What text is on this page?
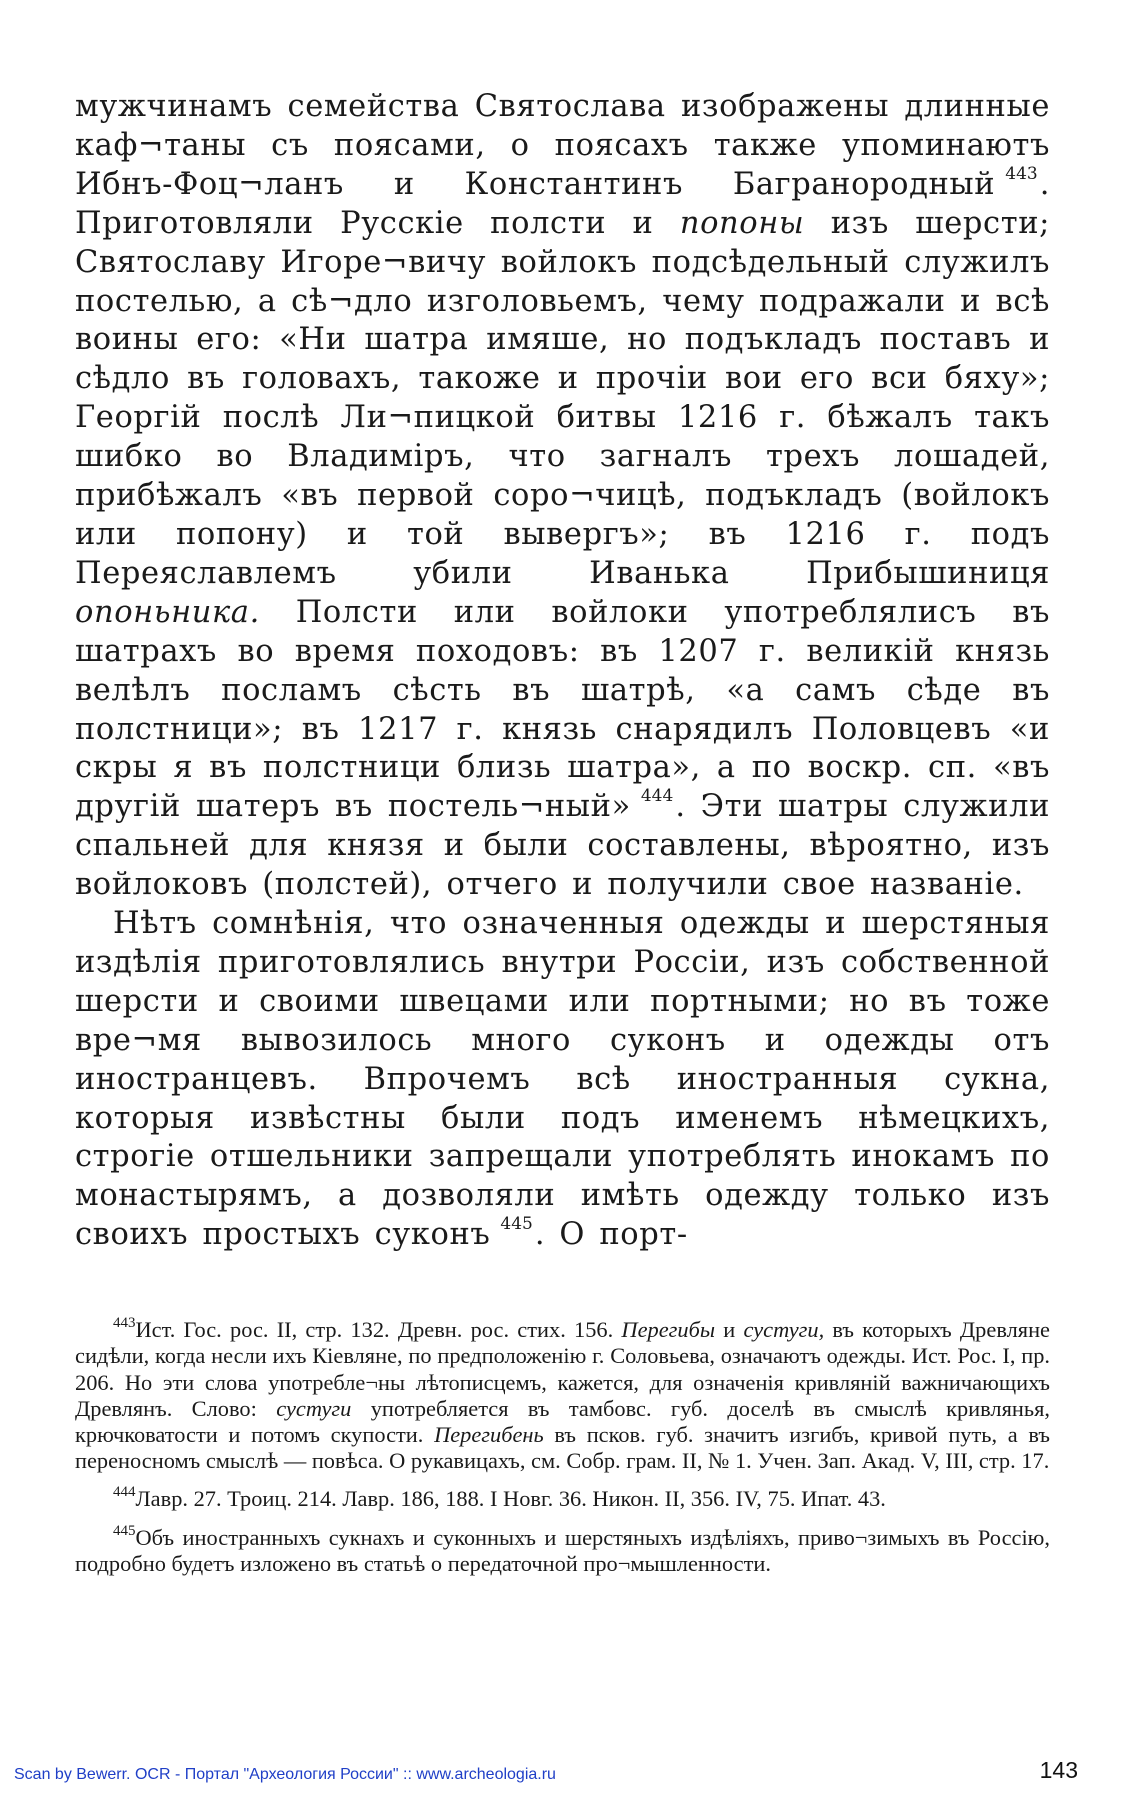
мужчинамъ семейства Святослава изображены длинные каф¬таны съ поясами, о поясахъ также упоминаютъ Ибнъ-Фоц¬ланъ и Константинъ Багранородный $^{443}$. Приготовляли Русскіе полсти и попоны изъ шерсти; Святославу Игоре¬вичу войлокъ подсѣдельный служилъ постелью, а сѣ¬дло изголовьемъ, чему подражали и всѣ воины его: «Ни шатра имяше, но подъкладъ поставъ и сѣдло въ головахъ, такоже и прочіи вои его вси бяху»; Георгій послѣ Ли¬пицкой битвы 1216 г. бѣжалъ такъ шибко во Владиміръ, что загналъ трехъ лошадей, прибѣжалъ «въ первой соро¬чицѣ, подъкладъ (войлокъ или попону) и той вывергъ»; въ 1216 г. подъ Переяславлемъ убили Иванька Прибышиниця опоньника. Полсти или войлоки употреблялисъ въ шатрахъ во время походовъ: въ 1207 г. великій князь велѣлъ посламъ сѣсть въ шатрѣ, «а самъ сѣде въ полстници»; въ 1217 г. князь снарядилъ Половцевъ «и скры я въ полстници близь шатра», а по воскр. сп. «въ другій шатеръ въ постель¬ный» $^{444}$. Эти шатры служили спальней для князя и были составлены, вѣроятно, изъ войлоковъ (полстей), отчего и получили свое названіе.

Нѣтъ сомнѣнія, что означенныя одежды и шерстяныя издѣлія приготовлялись внутри Россіи, изъ собственной шерсти и своими швецами или портными; но въ тоже вре¬мя вывозилось много суконъ и одежды отъ иностранцевъ. Впрочемъ всѣ иностранныя сукна, которыя извѣстны были подъ именемъ нѣмецкихъ, строгіе отшельники запрещали употреблять инокамъ по монастырямъ, а дозволяли имѣть одежду только изъ своихъ простыхъ суконъ $^{445}$. О порт-

$^{443}$Ист. Гос. рос. II, стр. 132. Древн. рос. стих. 156. Перегибы и сустуги, въ которыхъ Древляне сидѣли, когда несли ихъ Кіевляне, по предположенію г. Соловьева, означаютъ одежды. Ист. Рос. I, пр. 206. Но эти слова употребле¬ны лѣтописцемъ, кажется, для означенія кривляній важничающихъ Древлянъ. Слово: сустуги употребляется въ тамбовс. губ. доселѣ въ смыслѣ кривлянья, крючковатости и потомъ скупости. Перегибень въ псков. губ. значитъ изгибъ, кривой путь, а въ переносномъ смыслѣ — повѣса. О рукавицахъ, см. Собр. грам. II, № 1. Учен. Зап. Акад. V, III, стр. 17.

$^{444}$Лавр. 27. Троиц. 214. Лавр. 186, 188. I Новг. 36. Никон. II, 356. IV, 75. Ипат. 43.

$^{445}$Объ иностранныхъ сукнахъ и суконныхъ и шерстяныхъ издѣліяхъ, приво¬зимыхъ въ Россію, подробно будетъ изложено въ статьѣ о передаточной про¬мышленности.

Scan by Bewerr. OCR - Портал "Археология России" :: www.archeologia.ru	143
